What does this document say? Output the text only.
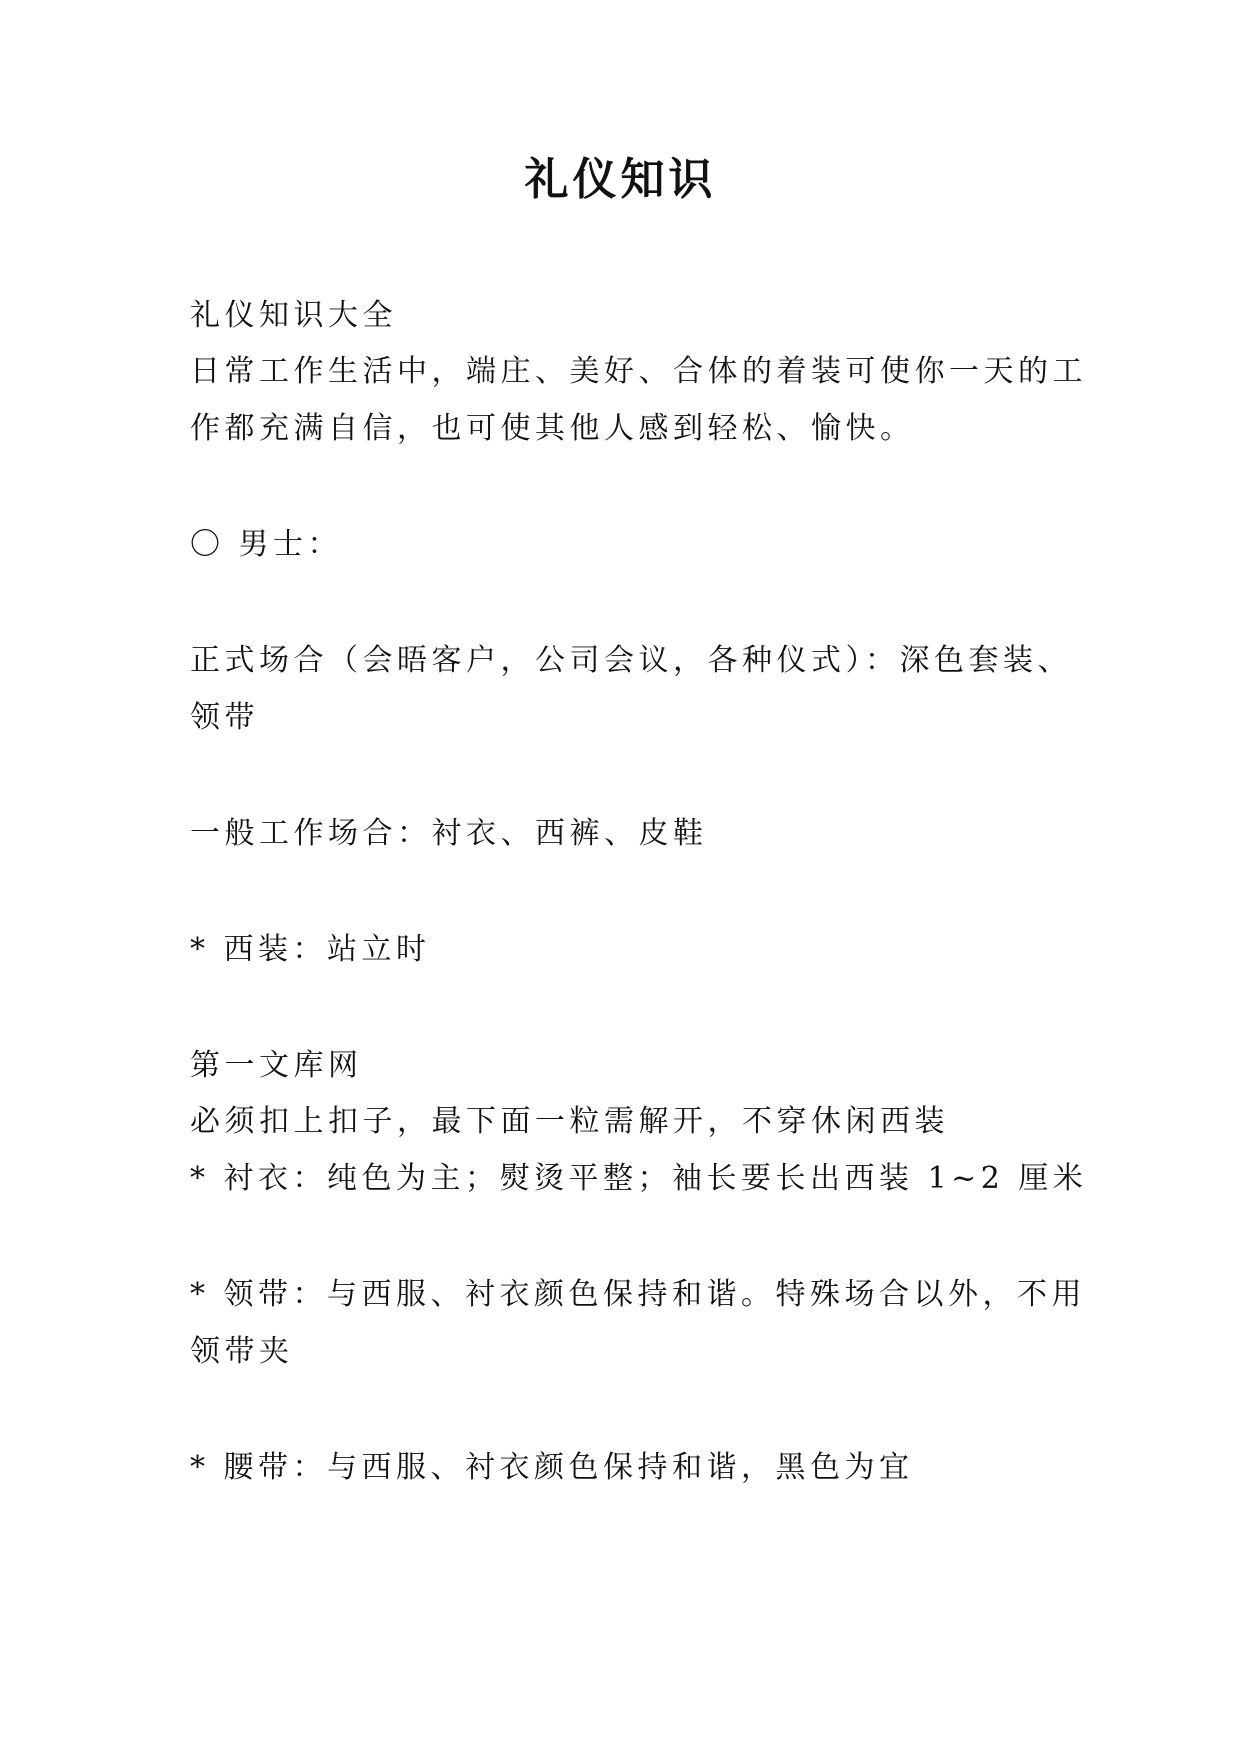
礼仪知识
礼仪知识大全
日常工作生活中，端庄、美好、合体的着装可使你一天的工
作都充满自信，也可使其他人感到轻松、愉快。
〇 男士：
正式场合（会晤客户，公司会议，各种仪式）：深色套装、
领带
一般工作场合：衬衣、西裤、皮鞋
* 西装：站立时
第一文库网
必须扣上扣子，最下面一粒需解开，不穿休闲西装
* 衬衣：纯色为主；熨烫平整；袖长要长出西装 1~2 厘米
* 领带：与西服、衬衣颜色保持和谐。特殊场合以外，不用
领带夹
* 腰带：与西服、衬衣颜色保持和谐，黑色为宜
